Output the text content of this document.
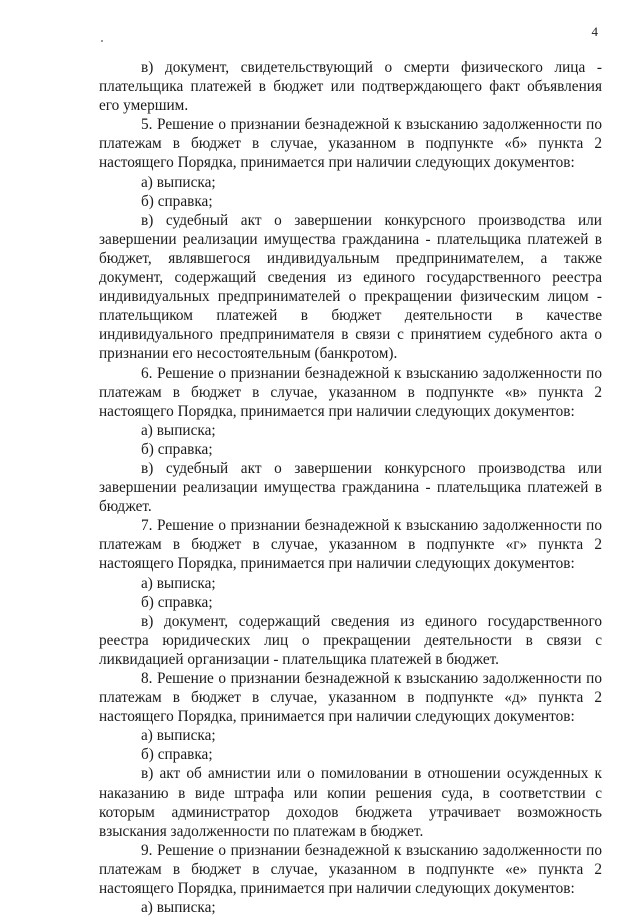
4

в) документ, свидетельствующий о смерти физического лица - плательщика платежей в бюджет или подтверждающего факт объявления его умершим.

5. Решение о признании безнадежной к взысканию задолженности по платежам в бюджет в случае, указанном в подпункте «б» пункта 2 настоящего Порядка, принимается при наличии следующих документов:

а) выписка;

б) справка;

в) судебный акт о завершении конкурсного производства или завершении реализации имущества гражданина - плательщика платежей в бюджет, являвшегося индивидуальным предпринимателем, а также документ, содержащий сведения из единого государственного реестра индивидуальных предпринимателей о прекращении физическим лицом - плательщиком платежей в бюджет деятельности в качестве индивидуального предпринимателя в связи с принятием судебного акта о признании его несостоятельным (банкротом).

6. Решение о признании безнадежной к взысканию задолженности по платежам в бюджет в случае, указанном в подпункте «в» пункта 2 настоящего Порядка, принимается при наличии следующих документов:

а) выписка;

б) справка;

в) судебный акт о завершении конкурсного производства или завершении реализации имущества гражданина - плательщика платежей в бюджет.

7. Решение о признании безнадежной к взысканию задолженности по платежам в бюджет в случае, указанном в подпункте «г» пункта 2 настоящего Порядка, принимается при наличии следующих документов:

а) выписка;

б) справка;

в) документ, содержащий сведения из единого государственного реестра юридических лиц о прекращении деятельности в связи с ликвидацией организации - плательщика платежей в бюджет.

8. Решение о признании безнадежной к взысканию задолженности по платежам в бюджет в случае, указанном в подпункте «д» пункта 2 настоящего Порядка, принимается при наличии следующих документов:

а) выписка;

б) справка;

в) акт об амнистии или о помиловании в отношении осужденных к наказанию в виде штрафа или копии решения суда, в соответствии с которым администратор доходов бюджета утрачивает возможность взыскания задолженности по платежам в бюджет.

9. Решение о признании безнадежной к взысканию задолженности по платежам в бюджет в случае, указанном в подпункте «е» пункта 2 настоящего Порядка, принимается при наличии следующих документов:

а) выписка;
